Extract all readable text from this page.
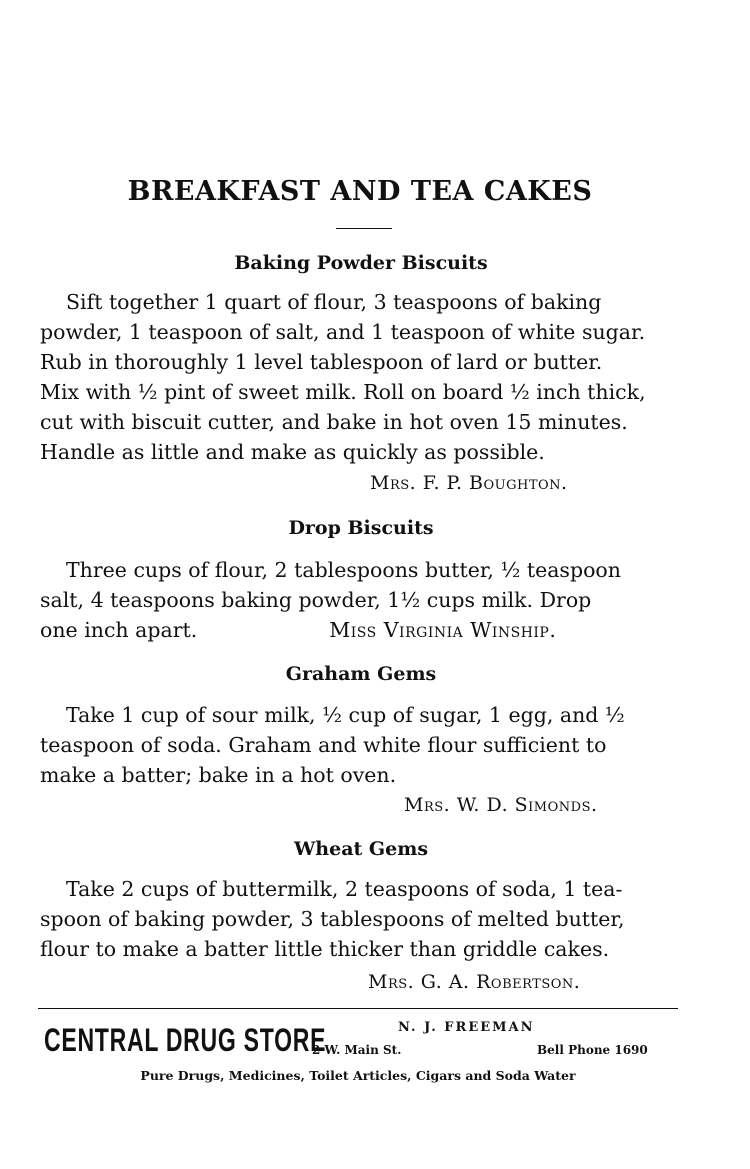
BREAKFAST AND TEA CAKES
Baking Powder Biscuits
Sift together 1 quart of flour, 3 teaspoons of baking
powder, 1 teaspoon of salt, and 1 teaspoon of white sugar.
Rub in thoroughly 1 level tablespoon of lard or butter.
Mix with ½ pint of sweet milk. Roll on board ½ inch thick,
cut with biscuit cutter, and bake in hot oven 15 minutes.
Handle as little and make as quickly as possible.
Mrs. F. P. Boughton.
Drop Biscuits
Three cups of flour, 2 tablespoons butter, ½ teaspoon
salt, 4 teaspoons baking powder, 1½ cups milk. Drop
one inch apart.	Miss Virginia Winship.
Graham Gems
Take 1 cup of sour milk, ½ cup of sugar, 1 egg, and ½
teaspoon of soda. Graham and white flour sufficient to
make a batter; bake in a hot oven.
Mrs. W. D. Simonds.
Wheat Gems
Take 2 cups of buttermilk, 2 teaspoons of soda, 1 tea-
spoon of baking powder, 3 tablespoons of melted butter,
flour to make a batter little thicker than griddle cakes.
Mrs. G. A. Robertson.
CENTRAL DRUG STORE	N. J. FREEMAN
2 W. Main St.	Bell Phone 1690
Pure Drugs, Medicines, Toilet Articles, Cigars and Soda Water
